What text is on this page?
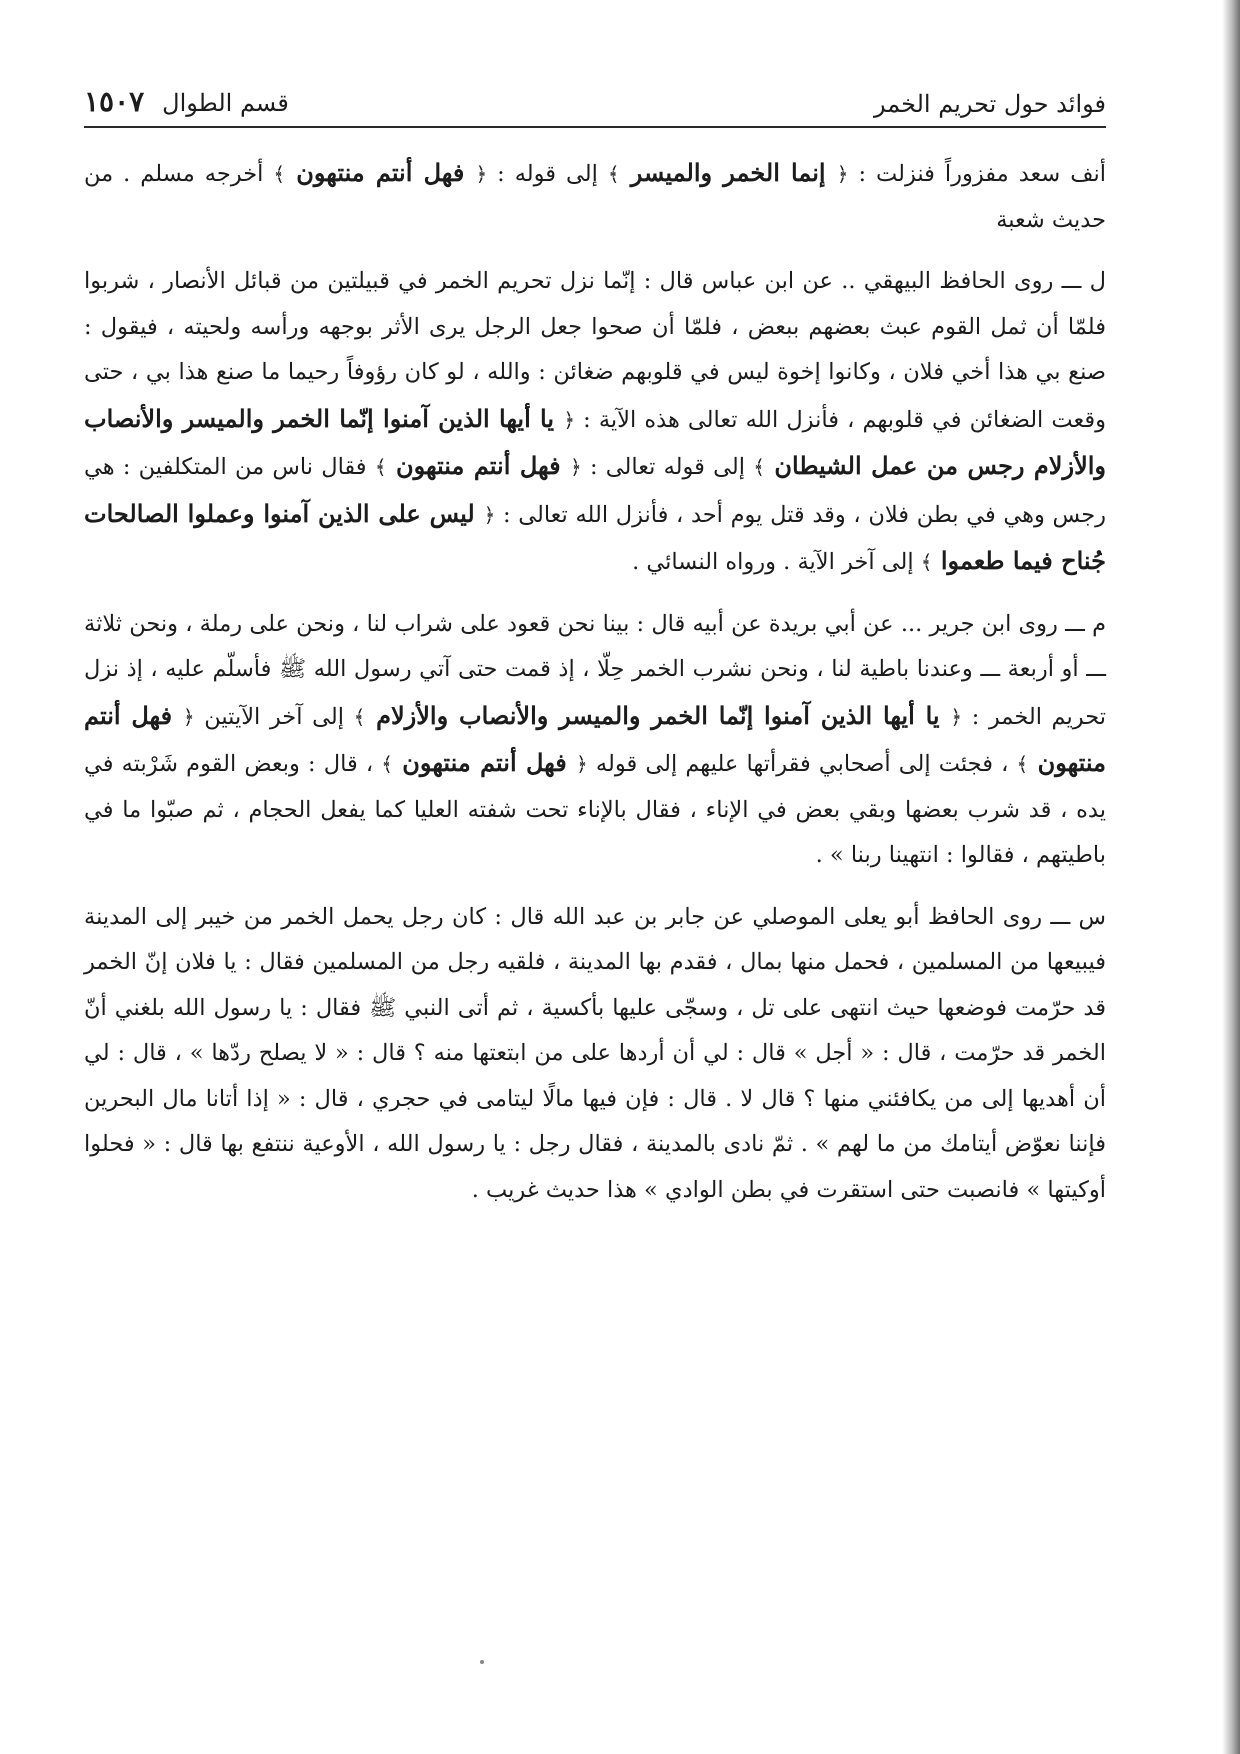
فوائد حول تحريم الخمر
قسم الطوال
١٥٠٧

أنف سعد مفزوراً فنزلت : ﴿ إنما الخمر والميسر ﴾ إلى قوله : ﴿ فهل أنتم منتهون ﴾ أخرجه مسلم . من حديث شعبة

ل ـــ روى الحافظ البيهقي .. عن ابن عباس قال : إنّما نزل تحريم الخمر في قبيلتين من قبائل الأنصار ، شربوا فلمّا أن ثمل القوم عبث بعضهم ببعض ، فلمّا أن صحوا جعل الرجل يرى الأثر بوجهه ورأسه ولحيته ، فيقول : صنع بي هذا أخي فلان ، وكانوا إخوة ليس في قلوبهم ضغائن : والله ، لو كان رؤوفاً رحيما ما صنع هذا بي ، حتى وقعت الضغائن في قلوبهم ، فأنزل الله تعالى هذه الآية : ﴿ يا أيها الذين آمنوا إنّما الخمر والميسر والأنصاب والأزلام رجس من عمل الشيطان ﴾ إلى قوله تعالى : ﴿ فهل أنتم منتهون ﴾ فقال ناس من المتكلفين : هي رجس وهي في بطن فلان ، وقد قتل يوم أحد ، فأنزل الله تعالى : ﴿ ليس على الذين آمنوا وعملوا الصالحات جُناح فيما طعموا ﴾ إلى آخر الآية . ورواه النسائي .

م ـــ روى ابن جرير ... عن أبي بريدة عن أبيه قال : بينا نحن قعود على شراب لنا ، ونحن على رملة ، ونحن ثلاثة ـــ أو أربعة ـــ وعندنا باطية لنا ، ونحن نشرب الخمر حِلّا ، إذ قمت حتى آتي رسول الله ﷺ فأسلّم عليه ، إذ نزل تحريم الخمر : ﴿ يا أيها الذين آمنوا إنّما الخمر والميسر والأنصاب والأزلام ﴾ إلى آخر الآيتين ﴿ فهل أنتم منتهون ﴾ ، فجئت إلى أصحابي فقرأتها عليهم إلى قوله ﴿ فهل أنتم منتهون ﴾ ، قال : وبعض القوم شَرْبته في يده ، قد شرب بعضها وبقي بعض في الإناء ، فقال بالإناء تحت شفته العليا كما يفعل الحجام ، ثم صبّوا ما في باطيتهم ، فقالوا : انتهينا ربنا » .

س ـــ روى الحافظ أبو يعلى الموصلي عن جابر بن عبد الله قال : كان رجل يحمل الخمر من خيبر إلى المدينة فيبيعها من المسلمين ، فحمل منها بمال ، فقدم بها المدينة ، فلقيه رجل من المسلمين فقال : يا فلان إنّ الخمر قد حرّمت فوضعها حيث انتهى على تل ، وسجّى عليها بأكسية ، ثم أتى النبي ﷺ فقال : يا رسول الله بلغني أنّ الخمر قد حرّمت ، قال : « أجل » قال : لي أن أردها على من ابتعتها منه ؟ قال : « لا يصلح ردّها » ، قال : لي أن أهديها إلى من يكافئني منها ؟ قال لا . قال : فإن فيها مالًا ليتامى في حجري ، قال : « إذا أتانا مال البحرين فإننا نعوّض أيتامك من ما لهم » . ثمّ نادى بالمدينة ، فقال رجل : يا رسول الله ، الأوعية ننتفع بها قال : « فحلوا أوكيتها » فانصبت حتى استقرت في بطن الوادي » هذا حديث غريب .
